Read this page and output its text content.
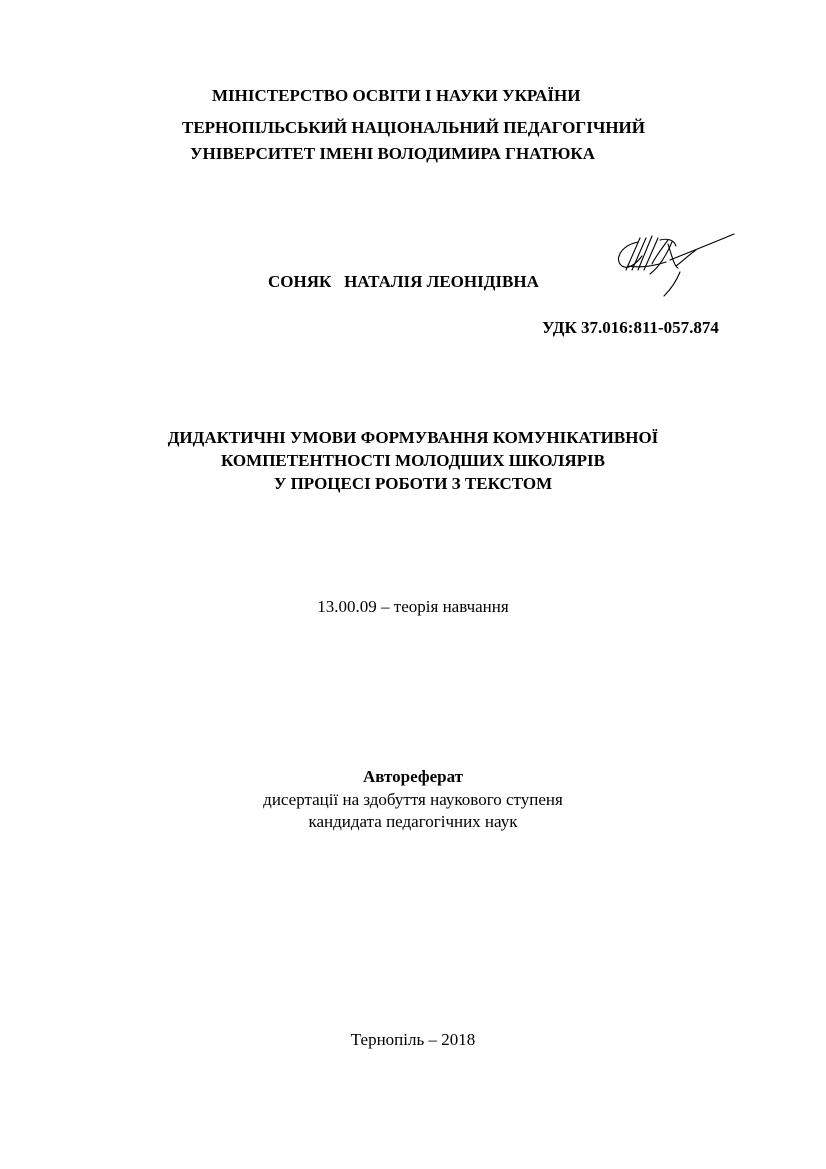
МІНІСТЕРСТВО ОСВІТИ І НАУКИ УКРАЇНИ
ТЕРНОПІЛЬСЬКИЙ НАЦІОНАЛЬНИЙ ПЕДАГОГІЧНИЙ
УНІВЕРСИТЕТ ІМЕНІ ВОЛОДИМИРА ГНАТЮКА
СОНЯК   НАТАЛІЯ ЛЕОНІДІВНА
УДК 37.016:811-057.874
ДИДАКТИЧНІ УМОВИ ФОРМУВАННЯ КОМУНІКАТИВНОЇ
КОМПЕТЕНТНОСТІ МОЛОДШИХ ШКОЛЯРІВ
У ПРОЦЕСІ РОБОТИ З ТЕКСТОМ
13.00.09 – теорія навчання
Автореферат
дисертації на здобуття наукового ступеня
кандидата педагогічних наук
Тернопіль – 2018
